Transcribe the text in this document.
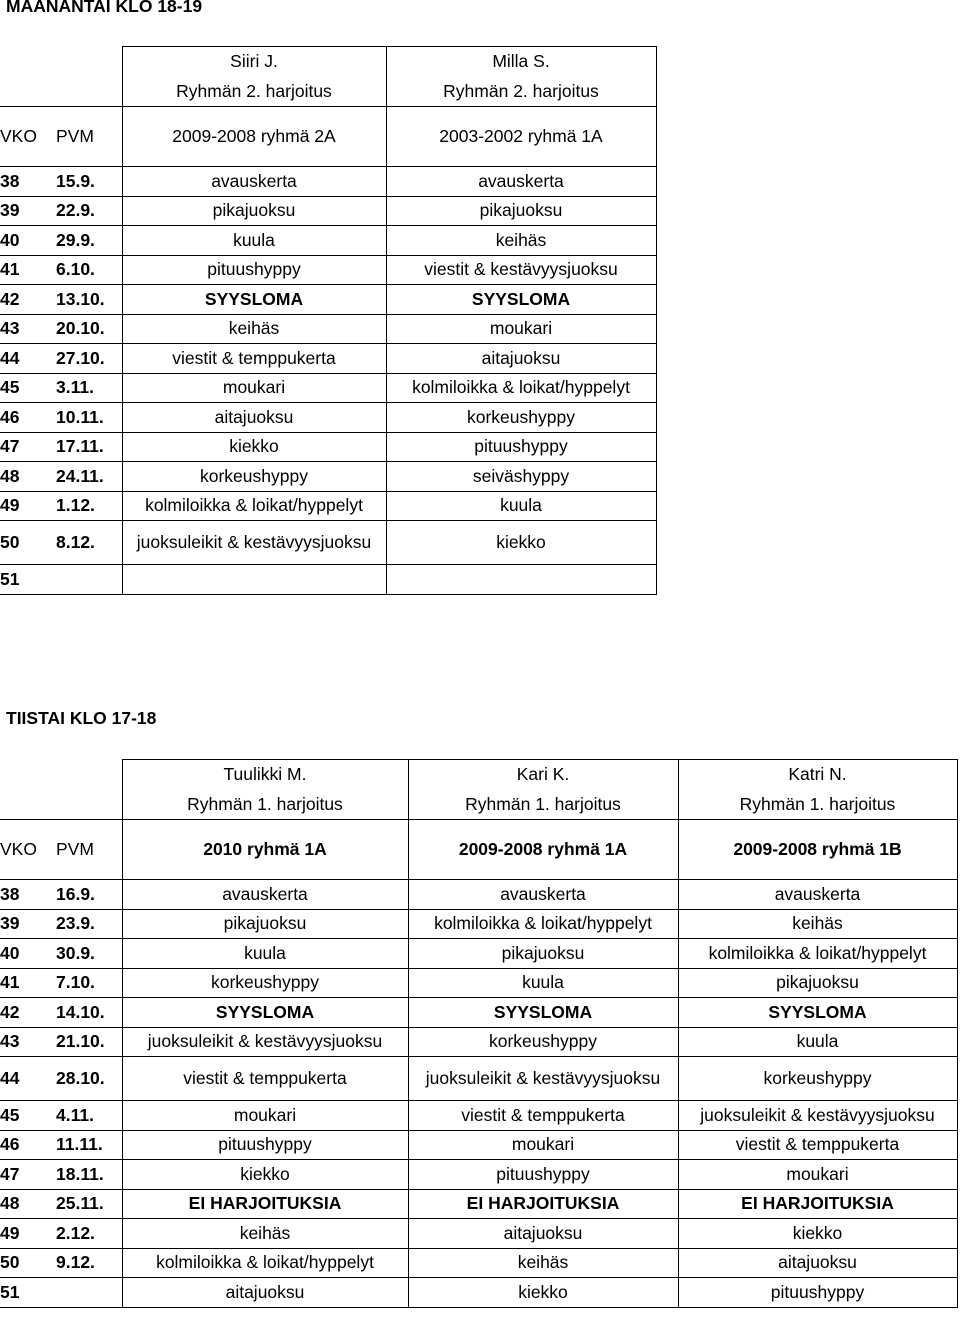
MAANANTAI KLO 18-19
		Siiri J.	Milla S.
		Ryhmän 2. harjoitus	Ryhmän 2. harjoitus
VKO	PVM	2009-2008 ryhmä 2A	2003-2002 ryhmä 1A
38	15.9.	avauskerta	avauskerta
39	22.9.	pikajuoksu	pikajuoksu
40	29.9.	kuula	keihäs
41	6.10.	pituushyppy	viestit & kestävyysjuoksu
42	13.10.	SYYSLOMA	SYYSLOMA
43	20.10.	keihäs	moukari
44	27.10.	viestit & temppukerta	aitajuoksu
45	3.11.	moukari	kolmiloikka & loikat/hyppelyt
46	10.11.	aitajuoksu	korkeushyppy
47	17.11.	kiekko	pituushyppy
48	24.11.	korkeushyppy	seiväshyppy
49	1.12.	kolmiloikka & loikat/hyppelyt	kuula
50	8.12.	juoksuleikit & kestävyysjuoksu	kiekko
51			
TIISTAI KLO 17-18
		Tuulikki M.	Kari K.	Katri N.
		Ryhmän 1. harjoitus	Ryhmän 1. harjoitus	Ryhmän 1. harjoitus
VKO	PVM	2010 ryhmä 1A	2009-2008 ryhmä 1A	2009-2008 ryhmä 1B
38	16.9.	avauskerta	avauskerta	avauskerta
39	23.9.	pikajuoksu	kolmiloikka & loikat/hyppelyt	keihäs
40	30.9.	kuula	pikajuoksu	kolmiloikka & loikat/hyppelyt
41	7.10.	korkeushyppy	kuula	pikajuoksu
42	14.10.	SYYSLOMA	SYYSLOMA	SYYSLOMA
43	21.10.	juoksuleikit & kestävyysjuoksu	korkeushyppy	kuula
44	28.10.	viestit & temppukerta	juoksuleikit & kestävyysjuoksu	korkeushyppy
45	4.11.	moukari	viestit & temppukerta	juoksuleikit & kestävyysjuoksu
46	11.11.	pituushyppy	moukari	viestit & temppukerta
47	18.11.	kiekko	pituushyppy	moukari
48	25.11.	EI HARJOITUKSIA	EI HARJOITUKSIA	EI HARJOITUKSIA
49	2.12.	keihäs	aitajuoksu	kiekko
50	9.12.	kolmiloikka & loikat/hyppelyt	keihäs	aitajuoksu
51		aitajuoksu	kiekko	pituushyppy
